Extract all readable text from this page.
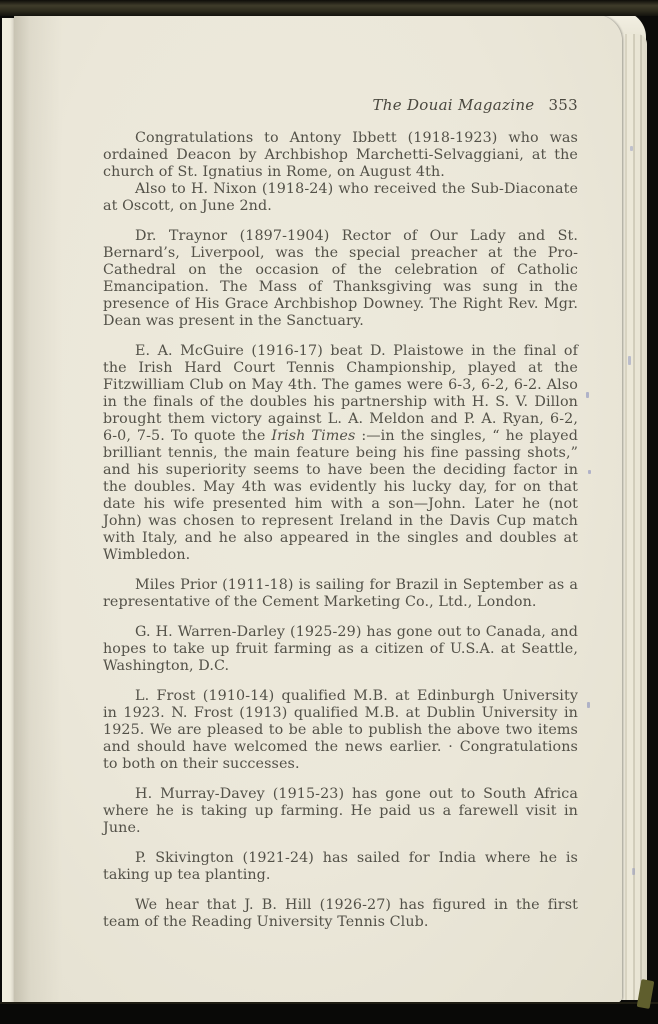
The Douai Magazine 353

Congratulations to Antony Ibbett (1918-1923) who was ordained Deacon by Archbishop Marchetti-Selvaggiani, at the church of St. Ignatius in Rome, on August 4th.

Also to H. Nixon (1918-24) who received the Sub-Diaconate at Oscott, on June 2nd.

Dr. Traynor (1897-1904) Rector of Our Lady and St. Bernard’s, Liverpool, was the special preacher at the Pro-Cathedral on the occasion of the celebration of Catholic Emancipation. The Mass of Thanksgiving was sung in the presence of His Grace Archbishop Downey. The Right Rev. Mgr. Dean was present in the Sanctuary.

E. A. McGuire (1916-17) beat D. Plaistowe in the final of the Irish Hard Court Tennis Championship, played at the Fitzwilliam Club on May 4th. The games were 6-3, 6-2, 6-2. Also in the finals of the doubles his partnership with H. S. V. Dillon brought them victory against L. A. Meldon and P. A. Ryan, 6-2, 6-0, 7-5. To quote the Irish Times :—in the singles, “ he played brilliant tennis, the main feature being his fine passing shots,” and his superiority seems to have been the deciding factor in the doubles. May 4th was evidently his lucky day, for on that date his wife presented him with a son—John. Later he (not John) was chosen to represent Ireland in the Davis Cup match with Italy, and he also appeared in the singles and doubles at Wimbledon.

Miles Prior (1911-18) is sailing for Brazil in September as a representative of the Cement Marketing Co., Ltd., London.

G. H. Warren-Darley (1925-29) has gone out to Canada, and hopes to take up fruit farming as a citizen of U.S.A. at Seattle, Washington, D.C.

L. Frost (1910-14) qualified M.B. at Edinburgh University in 1923. N. Frost (1913) qualified M.B. at Dublin University in 1925. We are pleased to be able to publish the above two items and should have welcomed the news earlier. · Congratulations to both on their successes.

H. Murray-Davey (1915-23) has gone out to South Africa where he is taking up farming. He paid us a farewell visit in June.

P. Skivington (1921-24) has sailed for India where he is taking up tea planting.

We hear that J. B. Hill (1926-27) has figured in the first team of the Reading University Tennis Club.
